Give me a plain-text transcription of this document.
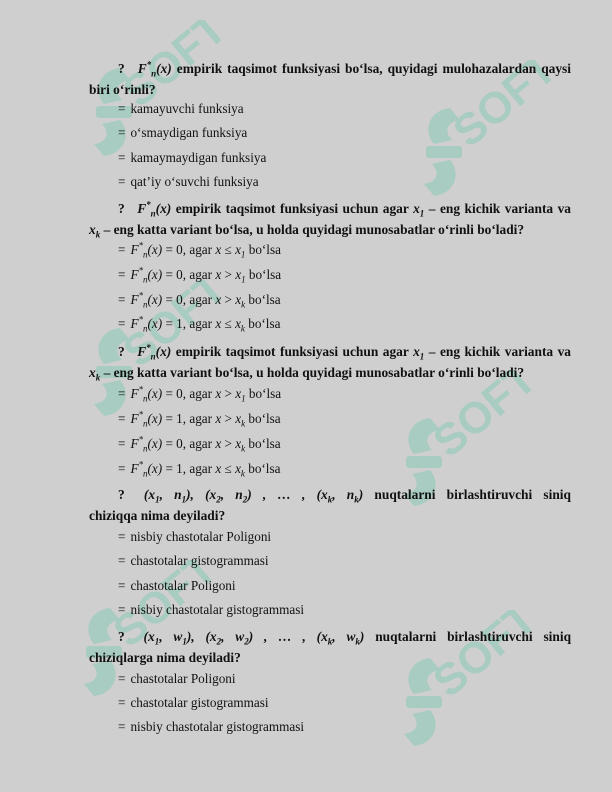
? $F^*_n(x)$ empirik taqsimot funksiyasi bo‘lsa, quyidagi mulohazalardan qaysi biri o‘rinli?
= kamayuvchi funksiya
= o‘smaydigan funksiya
= kamaymaydigan funksiya
= qat’iy o‘suvchi funksiya
? $F^*_n(x)$ empirik taqsimot funksiyasi uchun agar $x_1$ – eng kichik varianta va $x_k$ – eng katta variant bo‘lsa, u holda quyidagi munosabatlar o‘rinli bo‘ladi?
= $F^*_n(x) = 0$, agar $x \le x_1$ bo‘lsa
= $F^*_n(x) = 0$, agar $x > x_1$ bo‘lsa
= $F^*_n(x) = 0$, agar $x > x_k$ bo‘lsa
= $F^*_n(x) = 1$, agar $x \le x_k$ bo‘lsa
? $F^*_n(x)$ empirik taqsimot funksiyasi uchun agar $x_1$ – eng kichik varianta va $x_k$ – eng katta variant bo‘lsa, u holda quyidagi munosabatlar o‘rinli bo‘ladi?
= $F^*_n(x) = 0$, agar $x > x_1$ bo‘lsa
= $F^*_n(x) = 1$, agar $x > x_k$ bo‘lsa
= $F^*_n(x) = 0$, agar $x > x_k$ bo‘lsa
= $F^*_n(x) = 1$, agar $x \le x_k$ bo‘lsa
? ($x_1$, $n_1$), ($x_2$, $n_2$) , … , ($x_k$, $n_k$) nuqtalarni birlashtiruvchi siniq
chiziqqa nima deyiladi?
= nisbiy chastotalar Poligoni
= chastotalar gistogrammasi
= chastotalar Poligoni
= nisbiy chastotalar gistogrammasi
? ($x_1$, $w_1$), ($x_2$, $w_2$) , … , ($x_k$, $w_k$) nuqtalarni birlashtiruvchi siniq
chiziqlarga nima deyiladi?
= chastotalar Poligoni
= chastotalar gistogrammasi
= nisbiy chastotalar gistogrammasi
